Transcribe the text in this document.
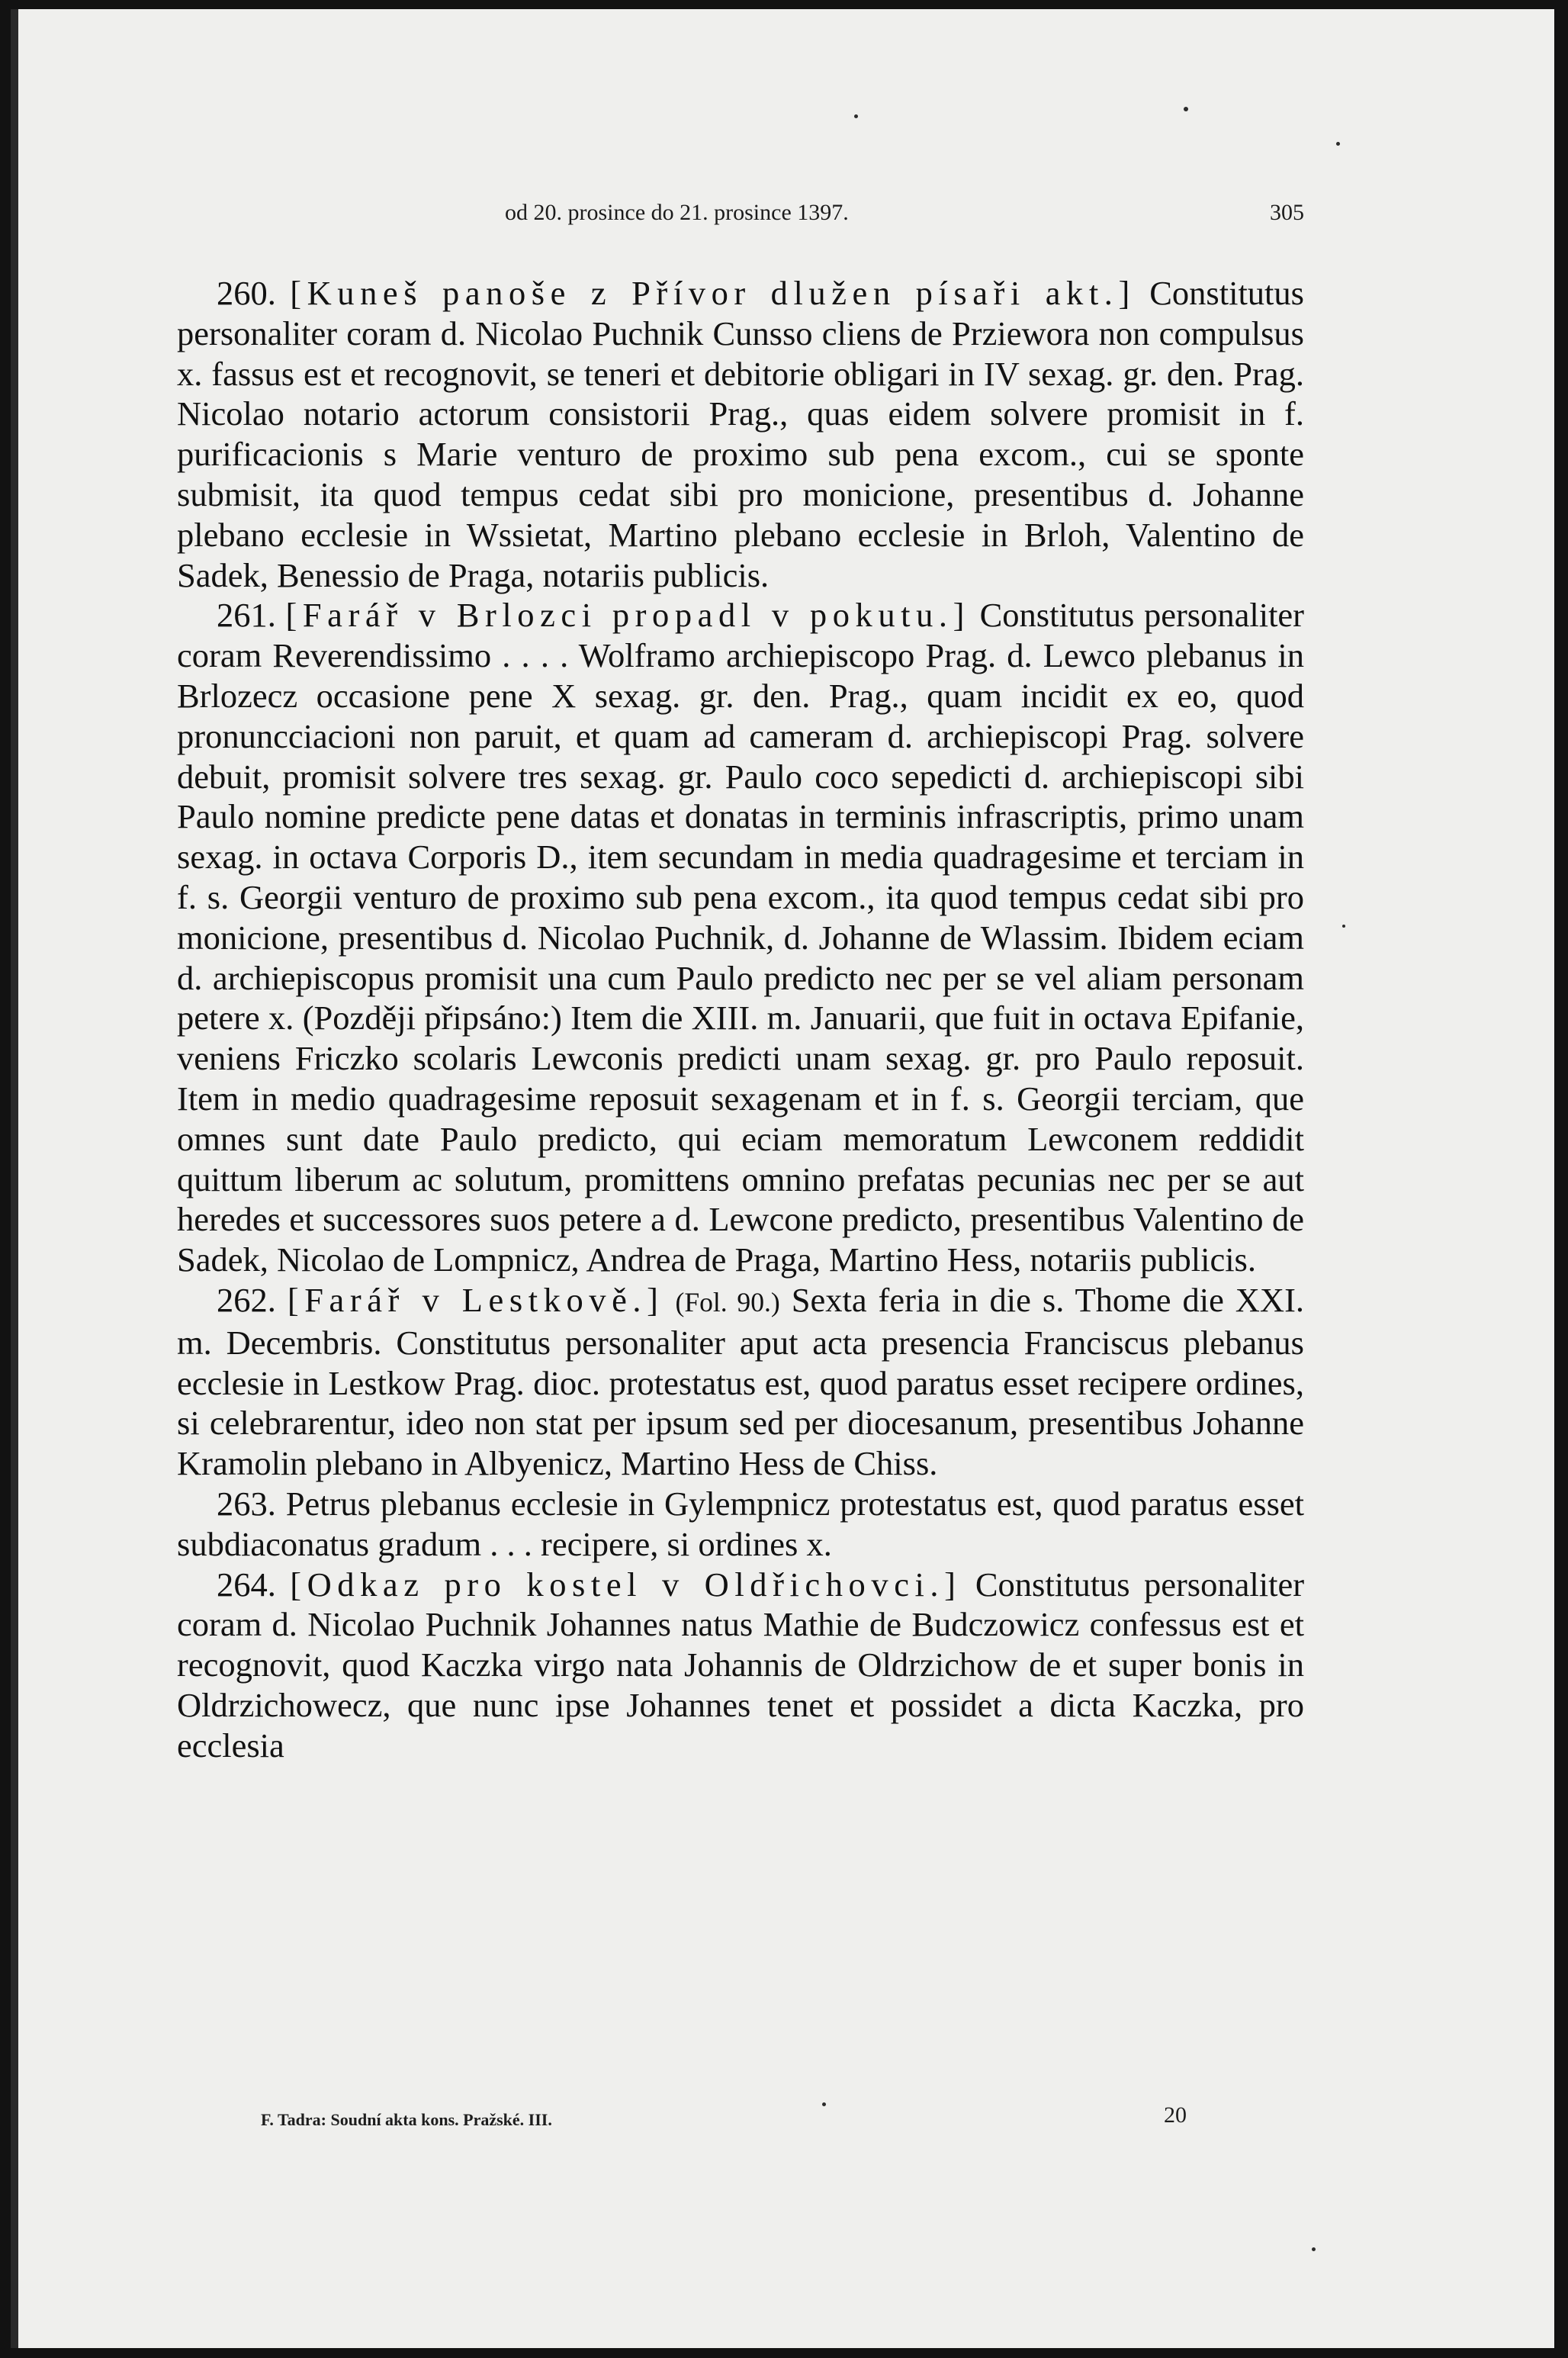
od 20. prosince do 21. prosince 1397.	305

260. [Kuneš panoše z Přívor dlužen písaři akt.] Constitutus personaliter coram d. Nicolao Puchnik Cunsso cliens de Prziewora non compulsus x. fassus est et recognovit, se teneri et debitorie obligari in IV sexag. gr. den. Prag. Nicolao notario actorum consistorii Prag., quas eidem solvere promisit in f. purificacionis s Marie venturo de proximo sub pena excom., cui se sponte submisit, ita quod tempus cedat sibi pro monicione, presentibus d. Johanne plebano ecclesie in Wssietat, Martino plebano ecclesie in Brloh, Valentino de Sadek, Benessio de Praga, notariis publicis.

261. [Farář v Brlozci propadl v pokutu.] Constitutus personaliter coram Reverendissimo . . . . Wolframo archiepiscopo Prag. d. Lewco plebanus in Brlozecz occasione pene X sexag. gr. den. Prag., quam incidit ex eo, quod pronuncciacioni non paruit, et quam ad cameram d. archiepiscopi Prag. solvere debuit, promisit solvere tres sexag. gr. Paulo coco sepedicti d. archiepiscopi sibi Paulo nomine predicte pene datas et donatas in terminis infrascriptis, primo unam sexag. in octava Corporis D., item secundam in media quadragesime et terciam in f. s. Georgii venturo de proximo sub pena excom., ita quod tempus cedat sibi pro monicione, presentibus d. Nicolao Puchnik, d. Johanne de Wlassim. Ibidem eciam d. archiepiscopus promisit una cum Paulo predicto nec per se vel aliam personam petere x. (Později připsáno:) Item die XIII. m. Januarii, que fuit in octava Epifanie, veniens Friczko scolaris Lewconis predicti unam sexag. gr. pro Paulo reposuit. Item in medio quadragesime reposuit sexagenam et in f. s. Georgii terciam, que omnes sunt date Paulo predicto, qui eciam memoratum Lewconem reddidit quittum liberum ac solutum, promittens omnino prefatas pecunias nec per se aut heredes et successores suos petere a d. Lewcone predicto, presentibus Valentino de Sadek, Nicolao de Lompnicz, Andrea de Praga, Martino Hess, notariis publicis.

262. [Farář v Lestkově.] (Fol. 90.) Sexta feria in die s. Thome die XXI. m. Decembris. Constitutus personaliter aput acta presencia Franciscus plebanus ecclesie in Lestkow Prag. dioc. protestatus est, quod paratus esset recipere ordines, si celebrarentur, ideo non stat per ipsum sed per diocesanum, presentibus Johanne Kramolin plebano in Albyenicz, Martino Hess de Chiss.

263. Petrus plebanus ecclesie in Gylempnicz protestatus est, quod paratus esset subdiaconatus gradum . . . recipere, si ordines x.

264. [Odkaz pro kostel v Oldřichovci.] Constitutus personaliter coram d. Nicolao Puchnik Johannes natus Mathie de Budczowicz confessus est et recognovit, quod Kaczka virgo nata Johannis de Oldrzichow de et super bonis in Oldrzichowecz, que nunc ipse Johannes tenet et possidet a dicta Kaczka, pro ecclesia

F. Tadra: Soudní akta kons. Pražské. III.	20
